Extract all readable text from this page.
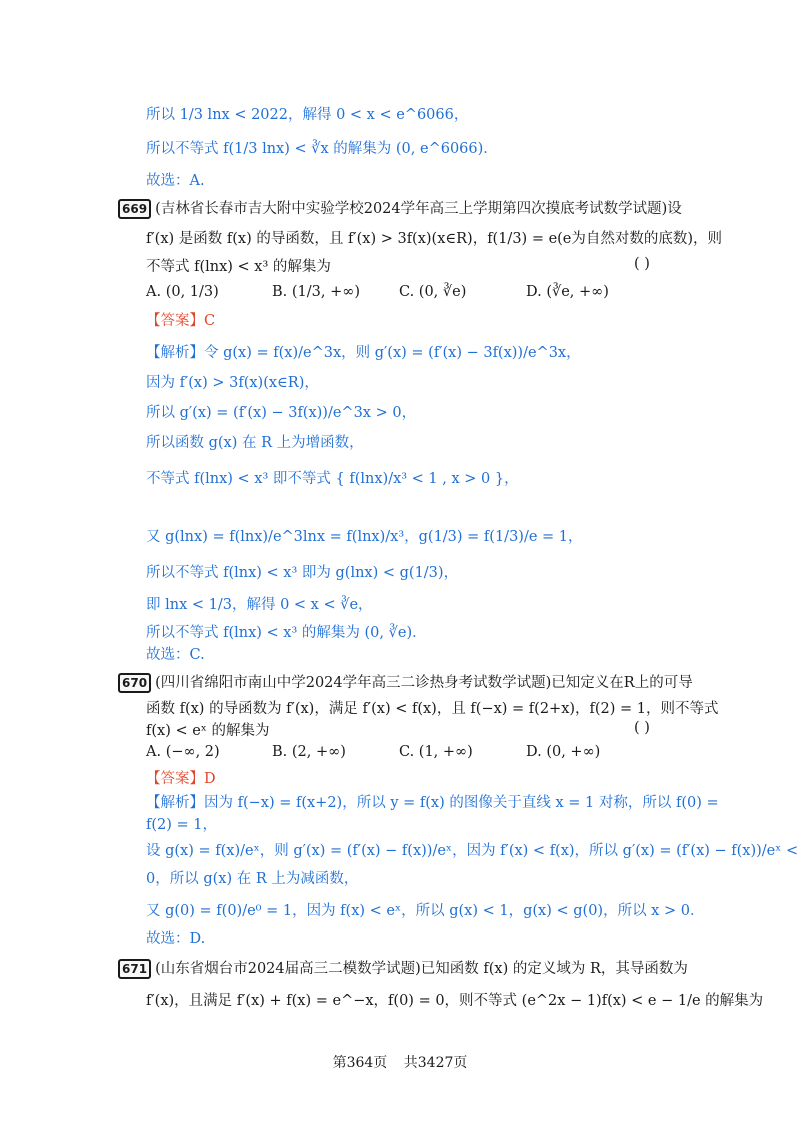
所以 1/3 lnx < 2022，解得 0 < x < e^6066，
所以不等式 f(1/3 lnx) < ∛x 的解集为 (0, e^6066)．
故选：A.
669 (吉林省长春市吉大附中实验学校2024学年高三上学期第四次摸底考试数学试题)设
f′(x) 是函数 f(x) 的导函数，且 f′(x) > 3f(x)(x∈R)，f(1/3) = e(e为自然对数的底数)，则
不等式 f(lnx) < x³ 的解集为	( )
A. (0, 1/3)	B. (1/3, +∞)	C. (0, ∛e)	D. (∛e, +∞)
【答案】C
【解析】令 g(x) = f(x)/e^3x，则 g′(x) = (f′(x) − 3f(x))/e^3x，
因为 f′(x) > 3f(x)(x∈R)，
所以 g′(x) = (f′(x) − 3f(x))/e^3x > 0，
所以函数 g(x) 在 R 上为增函数，
不等式 f(lnx) < x³ 即不等式 { f(lnx)/x³ < 1 , x > 0 }，
又 g(lnx) = f(lnx)/e^3lnx = f(lnx)/x³，g(1/3) = f(1/3)/e = 1，
所以不等式 f(lnx) < x³ 即为 g(lnx) < g(1/3)，
即 lnx < 1/3，解得 0 < x < ∛e，
所以不等式 f(lnx) < x³ 的解集为 (0, ∛e)．
故选：C.
670 (四川省绵阳市南山中学2024学年高三二诊热身考试数学试题)已知定义在R上的可导
函数 f(x) 的导函数为 f′(x)，满足 f′(x) < f(x)，且 f(−x) = f(2+x)，f(2) = 1，则不等式
f(x) < eˣ 的解集为	( )
A. (−∞, 2)	B. (2, +∞)	C. (1, +∞)	D. (0, +∞)
【答案】D
【解析】因为 f(−x) = f(x+2)，所以 y = f(x) 的图像关于直线 x = 1 对称，所以 f(0) =
f(2) = 1，
设 g(x) = f(x)/eˣ，则 g′(x) = (f′(x) − f(x))/eˣ，因为 f′(x) < f(x)，所以 g′(x) = (f′(x) − f(x))/eˣ <
0，所以 g(x) 在 R 上为减函数，
又 g(0) = f(0)/e⁰ = 1，因为 f(x) < eˣ，所以 g(x) < 1，g(x) < g(0)，所以 x > 0．
故选：D.
671 (山东省烟台市2024届高三二模数学试题)已知函数 f(x) 的定义域为 R，其导函数为
f′(x)，且满足 f′(x) + f(x) = e^−x，f(0) = 0，则不等式 (e^2x − 1)f(x) < e − 1/e 的解集为
第364页 共3427页
